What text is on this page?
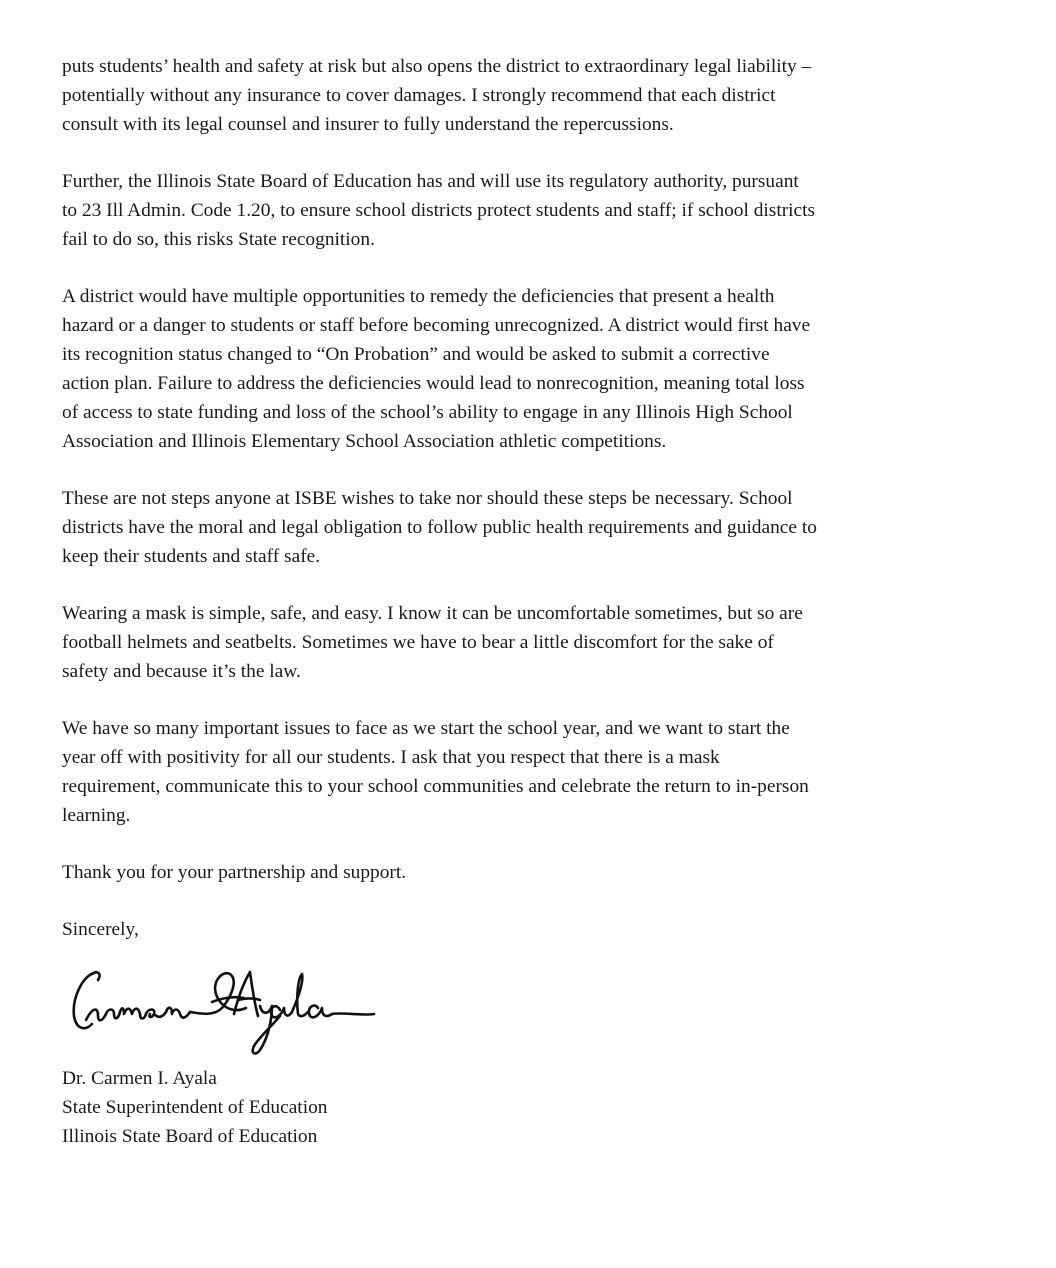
puts students’ health and safety at risk but also opens the district to extraordinary legal liability –
potentially without any insurance to cover damages. I strongly recommend that each district
consult with its legal counsel and insurer to fully understand the repercussions.

Further, the Illinois State Board of Education has and will use its regulatory authority, pursuant
to 23 Ill Admin. Code 1.20, to ensure school districts protect students and staff; if school districts
fail to do so, this risks State recognition.

A district would have multiple opportunities to remedy the deficiencies that present a health
hazard or a danger to students or staff before becoming unrecognized. A district would first have
its recognition status changed to “On Probation” and would be asked to submit a corrective
action plan. Failure to address the deficiencies would lead to nonrecognition, meaning total loss
of access to state funding and loss of the school’s ability to engage in any Illinois High School
Association and Illinois Elementary School Association athletic competitions.

These are not steps anyone at ISBE wishes to take nor should these steps be necessary. School
districts have the moral and legal obligation to follow public health requirements and guidance to
keep their students and staff safe.

Wearing a mask is simple, safe, and easy. I know it can be uncomfortable sometimes, but so are
football helmets and seatbelts. Sometimes we have to bear a little discomfort for the sake of
safety and because it’s the law.

We have so many important issues to face as we start the school year, and we want to start the
year off with positivity for all our students. I ask that you respect that there is a mask
requirement, communicate this to your school communities and celebrate the return to in-person
learning.

Thank you for your partnership and support.

Sincerely,

Dr. Carmen I. Ayala
State Superintendent of Education
Illinois State Board of Education
